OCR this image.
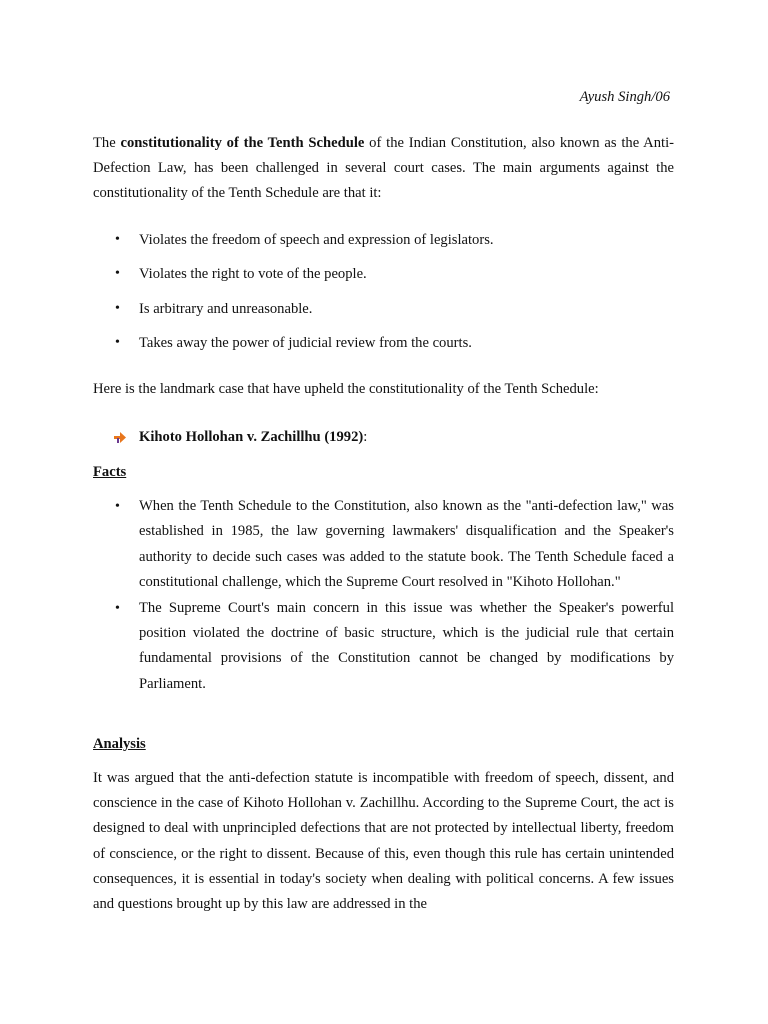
Ayush Singh/06

The constitutionality of the Tenth Schedule of the Indian Constitution, also known as the Anti-Defection Law, has been challenged in several court cases. The main arguments against the constitutionality of the Tenth Schedule are that it:

• Violates the freedom of speech and expression of legislators.
• Violates the right to vote of the people.
• Is arbitrary and unreasonable.
• Takes away the power of judicial review from the courts.

Here is the landmark case that have upheld the constitutionality of the Tenth Schedule:

Kihoto Hollohan v. Zachillhu (1992):

Facts

• When the Tenth Schedule to the Constitution, also known as the "anti-defection law," was established in 1985, the law governing lawmakers' disqualification and the Speaker's authority to decide such cases was added to the statute book. The Tenth Schedule faced a constitutional challenge, which the Supreme Court resolved in "Kihoto Hollohan."
• The Supreme Court's main concern in this issue was whether the Speaker's powerful position violated the doctrine of basic structure, which is the judicial rule that certain fundamental provisions of the Constitution cannot be changed by modifications by Parliament.

Analysis

It was argued that the anti-defection statute is incompatible with freedom of speech, dissent, and conscience in the case of Kihoto Hollohan v. Zachillhu. According to the Supreme Court, the act is designed to deal with unprincipled defections that are not protected by intellectual liberty, freedom of conscience, or the right to dissent. Because of this, even though this rule has certain unintended consequences, it is essential in today's society when dealing with political concerns. A few issues and questions brought up by this law are addressed in the
